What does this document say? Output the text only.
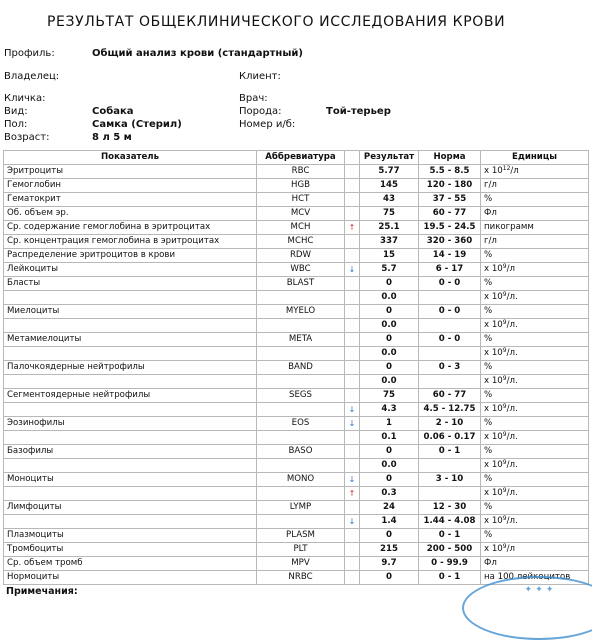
РЕЗУЛЬТАТ ОБЩЕКЛИНИЧЕСКОГО ИССЛЕДОВАНИЯ КРОВИ
Профиль:	Общий анализ крови (стандартный)
Владелец:	Клиент:
Кличка:	Врач:
Вид:	Собака	Порода:	Той-терьер
Пол:	Самка (Стерил)	Номер и/б:
Возраст:	8 л 5 м
Показатель	Аббревиатура		Результат	Норма	Единицы
Эритроциты	RBC		5.77	5.5 - 8.5	х $10^{12}/л$
Гемоглобин	HGB		145	120 - 180	г/л
Гематокрит	HCT		43	37 - 55	%
Об. объем эр.	MCV		75	60 - 77	Фл
Ср. содержание гемоглобина в эритроцитах	MCH	↑	25.1	19.5 - 24.5	пикограмм
Ср. концентрация гемоглобина в эритроцитах	MCHC		337	320 - 360	г/л
Распределение эритроцитов в крови	RDW		15	14 - 19	%
Лейкоциты	WBC	↓	5.7	6 - 17	х $10^9/л$
Бласты	BLAST		0	0 - 0	%
			0.0		х $10^9/л$.
Миелоциты	MYELO		0	0 - 0	%
			0.0		х $10^9/л$.
Метамиелоциты	META		0	0 - 0	%
			0.0		х $10^9/л$.
Палочкоядерные нейтрофилы	BAND		0	0 - 3	%
			0.0		х $10^9/л$.
Сегментоядерные нейтрофилы	SEGS		75	60 - 77	%
		↓	4.3	4.5 - 12.75	х $10^9/л$.
Эозинофилы	EOS	↓	1	2 - 10	%
			0.1	0.06 - 0.17	х $10^9/л$.
Базофилы	BASO		0	0 - 1	%
			0.0		х $10^9/л$.
Моноциты	MONO	↓	0	3 - 10	%
		↑	0.3		х $10^9/л$.
Лимфоциты	LYMP		24	12 - 30	%
		↓	1.4	1.44 - 4.08	х $10^9/л$.
Плазмоциты	PLASM		0	0 - 1	%
Тромбоциты	PLT		215	200 - 500	х $10^9/л$
Ср. объем тромб	MPV		9.7	0 - 99.9	Фл
Нормоциты	NRBC		0	0 - 1	на 100 лейкоцитов
Примечания:	✦ ✦ ✦
